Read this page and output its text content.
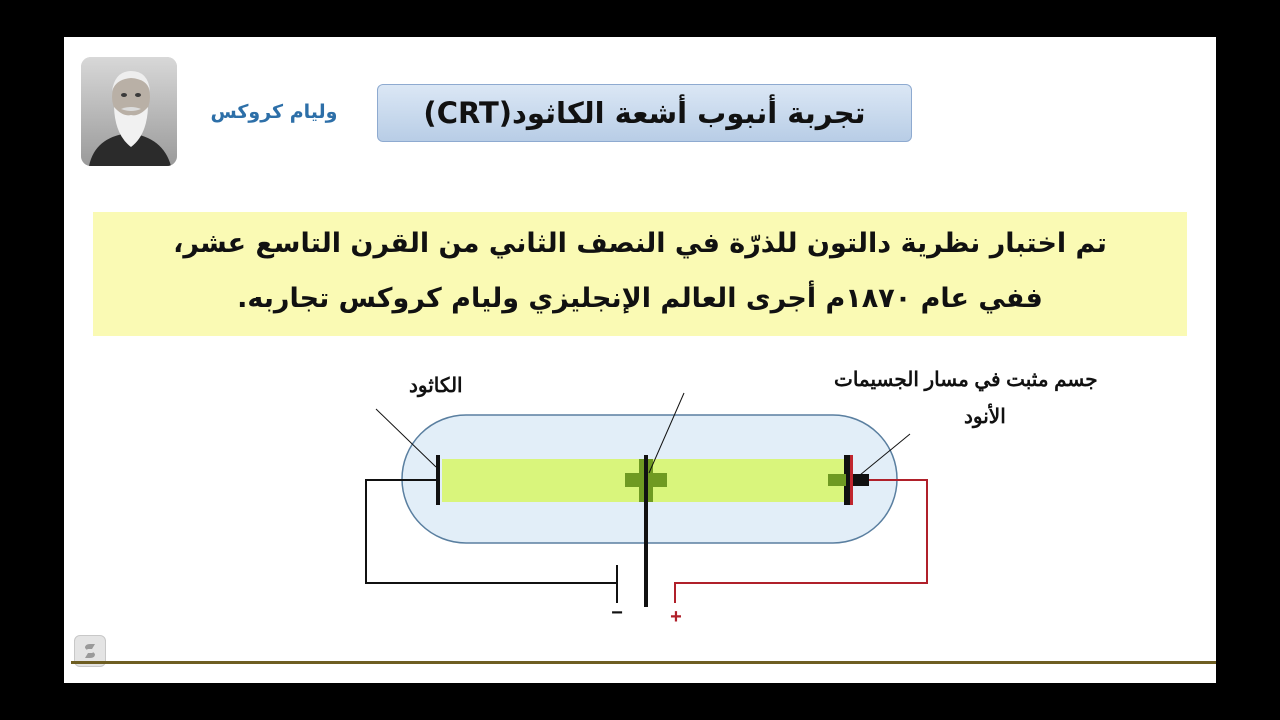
وليام كروكس	تجربة أنبوب أشعة الكاثود(CRT)
تم اختبار نظرية دالتون للذرّة في النصف الثاني من القرن التاسع عشر،
ففي عام ١٨٧٠م أجرى العالم الإنجليزي وليام كروكس تجاربه.
الكاثود	جسم مثبت في مسار الجسيمات
الأنود
− +
